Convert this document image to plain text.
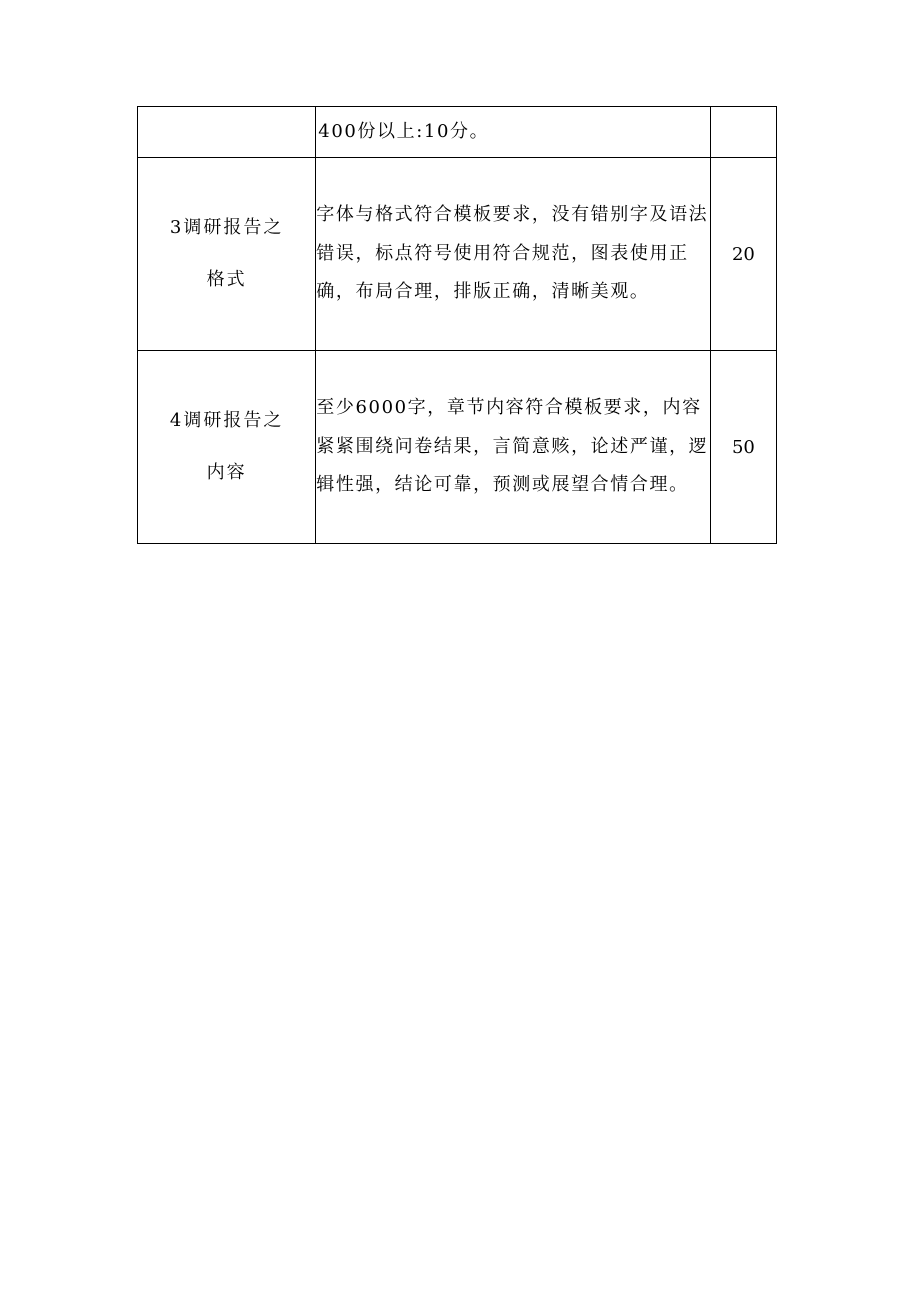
	400份以上:10分。	

3调研报告之
格式	字体与格式符合模板要求，没有错别字及语法错误，标点符号使用符合规范，图表使用正确，布局合理，排版正确，清晰美观。	20

4调研报告之
内容	至少6000字，章节内容符合模板要求，内容紧紧围绕问卷结果，言简意赅，论述严谨，逻辑性强，结论可靠，预测或展望合情合理。	50
